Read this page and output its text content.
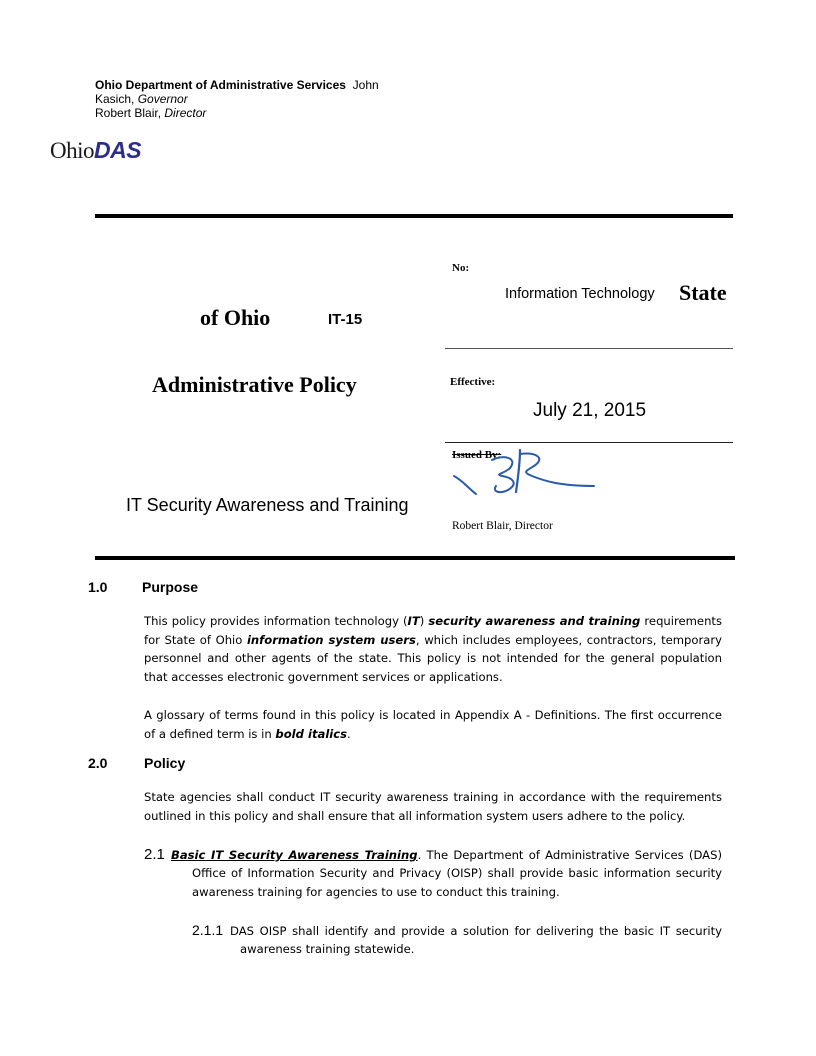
Ohio Department of Administrative Services John
Kasich, Governor
Robert Blair, Director
OhioDAS
of Ohio	IT-15
Administrative Policy
IT Security Awareness and Training
No:
Information Technology State
Effective:
July 21, 2015
Issued By:
Robert Blair, Director
1.0 Purpose
This policy provides information technology (IT) security awareness and training requirements
for State of Ohio information system users, which includes employees, contractors, temporary
personnel and other agents of the state. This policy is not intended for the general population
that accesses electronic government services or applications.
A glossary of terms found in this policy is located in Appendix A - Definitions. The first occurrence
of a defined term is in bold italics.
2.0	Policy
State agencies shall conduct IT security awareness training in accordance with the requirements
outlined in this policy and shall ensure that all information system users adhere to the policy.
2.1 Basic IT Security Awareness Training. The Department of Administrative Services (DAS)
Office of Information Security and Privacy (OISP) shall provide basic information security
awareness training for agencies to use to conduct this training.
2.1.1 DAS OISP shall identify and provide a solution for delivering the basic IT security
awareness training statewide.
